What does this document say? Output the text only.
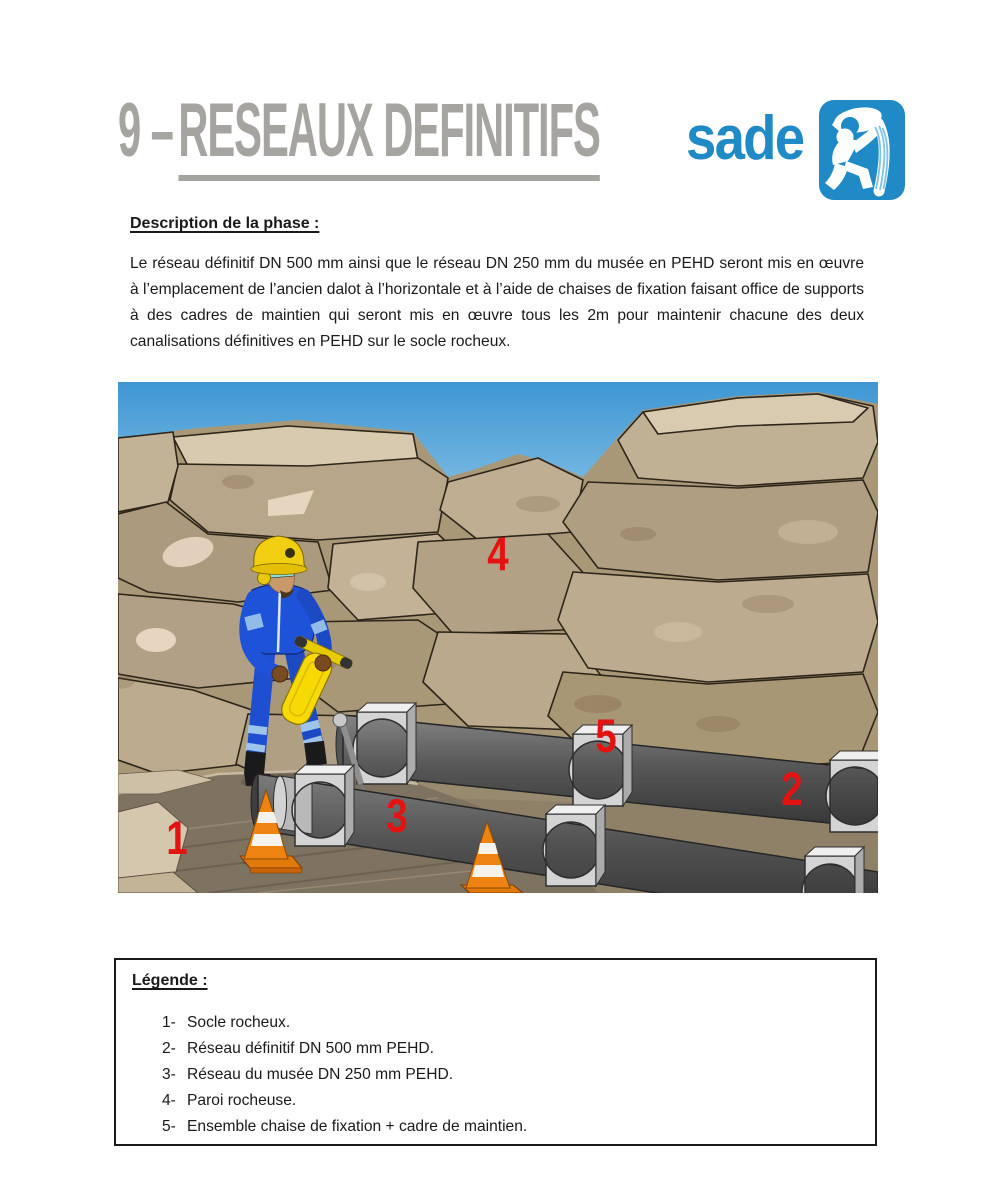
9 –RESEAUX DEFINITIFS sade
Description de la phase :

Le réseau définitif DN 500 mm ainsi que le réseau DN 250 mm du musée en PEHD seront mis en œuvre à l’emplacement de l’ancien dalot à l’horizontale et à l’aide de chaises de fixation faisant office de supports à des cadres de maintien qui seront mis en œuvre tous les 2m pour maintenir chacune des deux canalisations définitives en PEHD sur le socle rocheux.

1
2
3
4
5
Légende :
1- Socle rocheux.
2- Réseau définitif DN 500 mm PEHD.
3- Réseau du musée DN 250 mm PEHD.
4- Paroi rocheuse.
5- Ensemble chaise de fixation + cadre de maintien.
